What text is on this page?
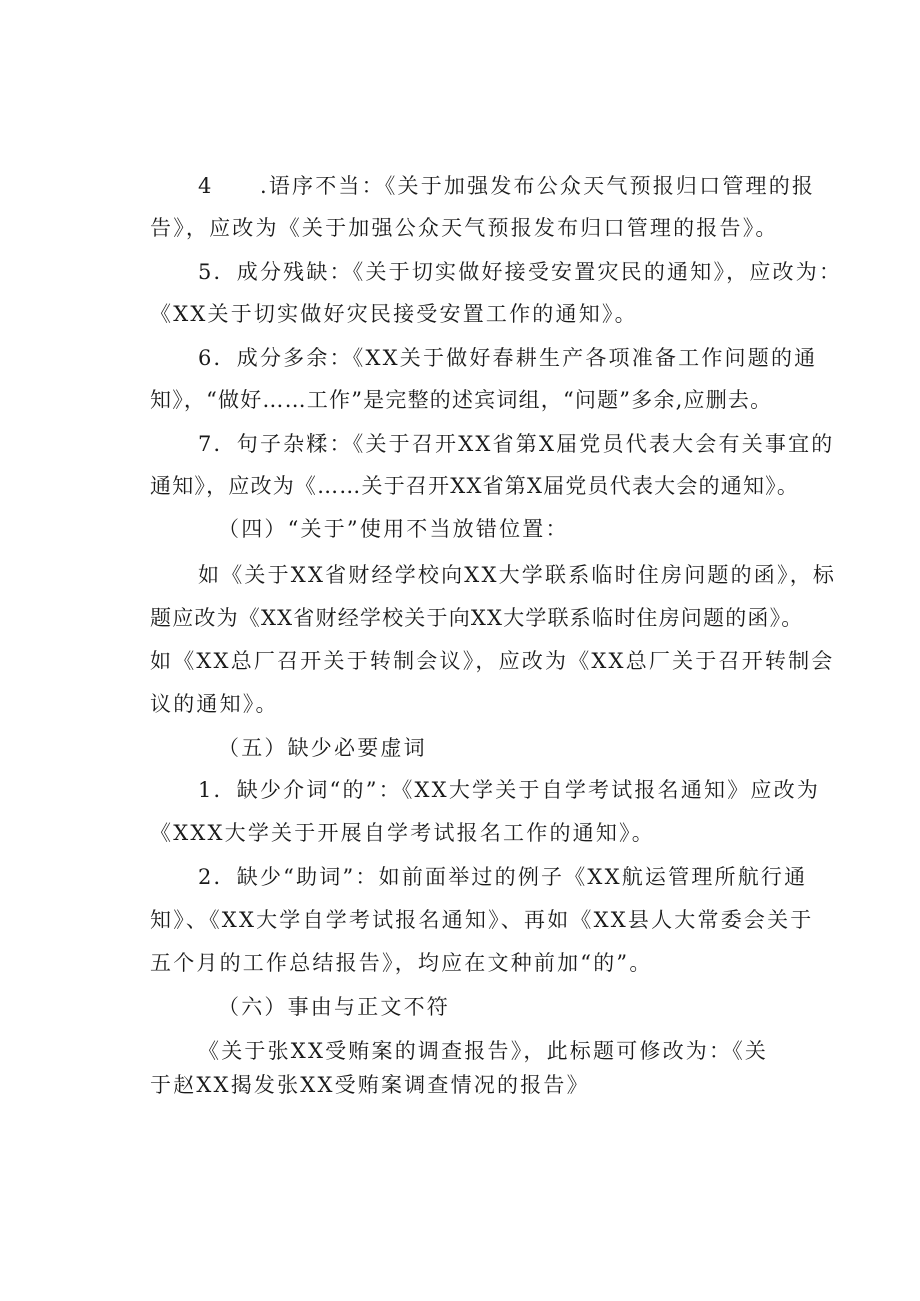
4　　.语序不当：《关于加强发布公众天气预报归口管理的报
告》，应改为《关于加强公众天气预报发布归口管理的报告》。
5．成分残缺：《关于切实做好接受安置灾民的通知》，应改为：
《XX关于切实做好灾民接受安置工作的通知》。
6．成分多余：《XX关于做好春耕生产各项准备工作问题的通
知》，“做好……工作”是完整的述宾词组，“问题”多余,应删去。
7．句子杂糅：《关于召开XX省第X届党员代表大会有关事宜的
通知》，应改为《……关于召开XX省第X届党员代表大会的通知》。
（四）“关于”使用不当放错位置：
如《关于XX省财经学校向XX大学联系临时住房问题的函》，标
题应改为《XX省财经学校关于向XX大学联系临时住房问题的函》。
如《XX总厂召开关于转制会议》，应改为《XX总厂关于召开转制会
议的通知》。
（五）缺少必要虚词
1．缺少介词“的”：《XX大学关于自学考试报名通知》应改为
《XXX大学关于开展自学考试报名工作的通知》。
2．缺少“助词”：如前面举过的例子《XX航运管理所航行通
知》、《XX大学自学考试报名通知》、再如《XX县人大常委会关于
五个月的工作总结报告》，均应在文种前加“的”。
（六）事由与正文不符
《关于张XX受贿案的调查报告》，此标题可修改为：《关
于赵XX揭发张XX受贿案调查情况的报告》
